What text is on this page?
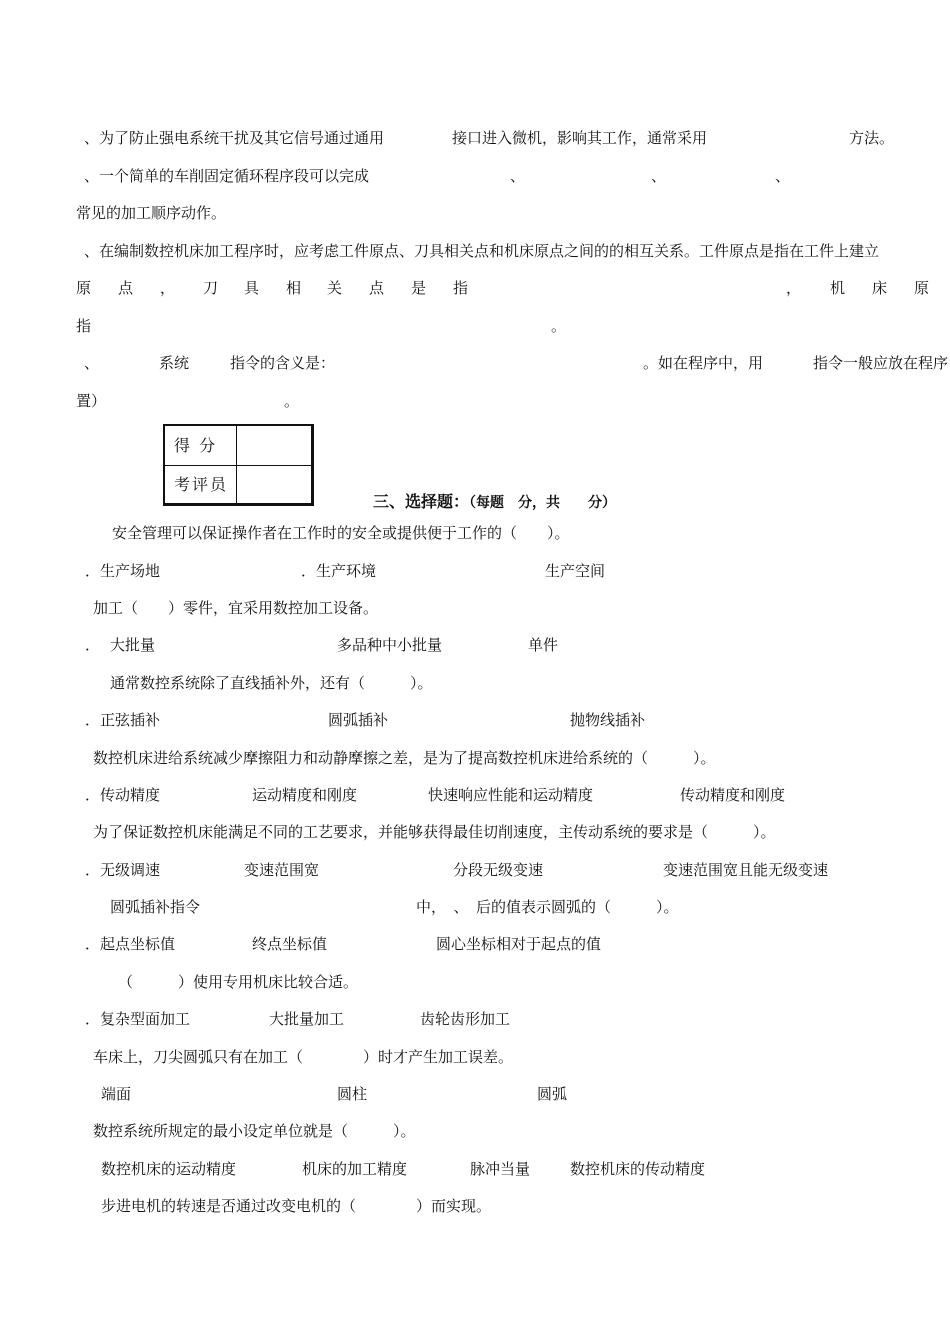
、为了防止强电系统干扰及其它信号通过通用	接口进入微机，影响其工作，通常采用	方法。
、一个简单的车削固定循环程序段可以完成	、	、	、
常见的加工顺序动作。
、在编制数控机床加工程序时，应考虑工件原点、刀具相关点和机床原点之间的的相互关系。工件原点是指在工件上建立
原 点 ， 刀 具 相 关 点 是 指	， 机 床 原
指	。
、	系统	指令的含义是：	。如在程序中，用	指令一般应放在程序
置）	。
得 分
考评员
三、选择题：（每题　分，共　　分）
安全管理可以保证操作者在工作时的安全或提供便于工作的（　　）。
．生产场地	．生产环境	生产空间
加工（　　）零件，宜采用数控加工设备。
． 大批量	多品种中小批量	单件
通常数控系统除了直线插补外，还有（　　　）。
．正弦插补	圆弧插补	抛物线插补
数控机床进给系统减少摩擦阻力和动静摩擦之差，是为了提高数控机床进给系统的（　　　）。
．传动精度	运动精度和刚度	快速响应性能和运动精度	传动精度和刚度
为了保证数控机床能满足不同的工艺要求，并能够获得最佳切削速度，主传动系统的要求是（　　　）。
．无级调速	变速范围宽	分段无级变速	变速范围宽且能无级变速
圆弧插补指令	中，　、　后的值表示圆弧的（　　　）。
．起点坐标值	终点坐标值	圆心坐标相对于起点的值
（　　　）使用专用机床比较合适。
．复杂型面加工	大批量加工	齿轮齿形加工
车床上，刀尖圆弧只有在加工（　　　　）时才产生加工误差。
端面	圆柱	圆弧
数控系统所规定的最小设定单位就是（　　　）。
数控机床的运动精度	机床的加工精度	脉冲当量	数控机床的传动精度
步进电机的转速是否通过改变电机的（　　　　）而实现。
